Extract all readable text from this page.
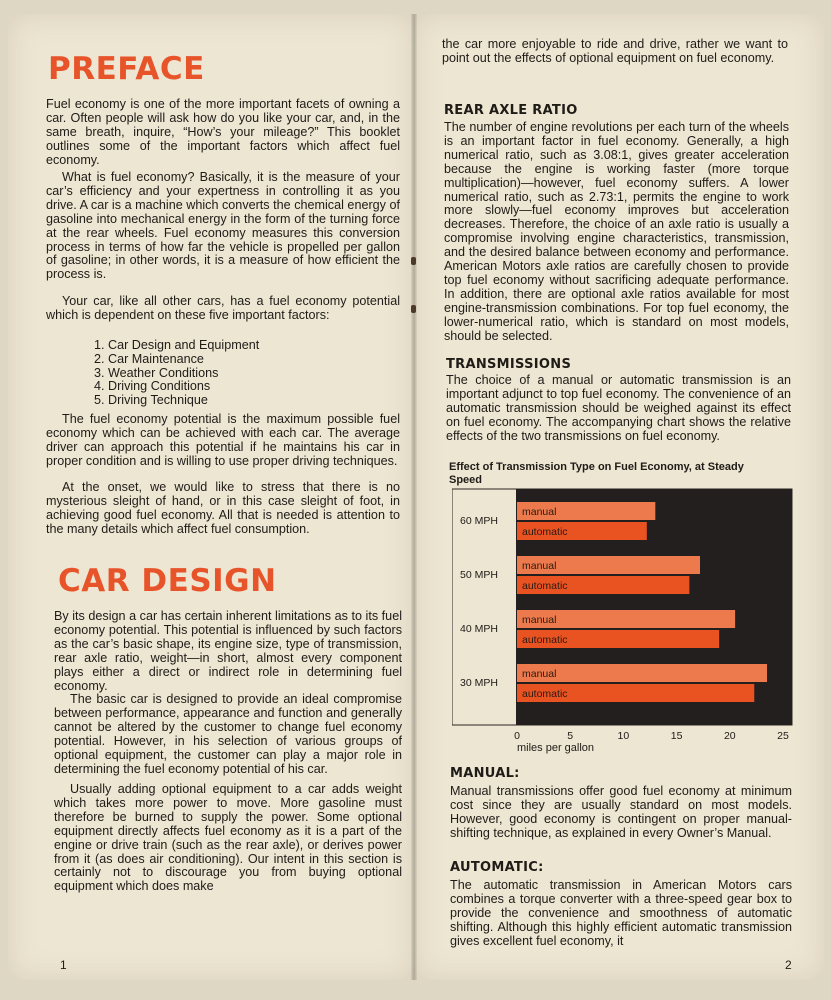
PREFACE

Fuel economy is one of the more important facets of owning a car. Often people will ask how do you like your car, and, in the same breath, inquire, “How’s your mileage?” This booklet outlines some of the important factors which affect fuel economy.

What is fuel economy? Basically, it is the measure of your car’s efficiency and your expertness in controlling it as you drive. A car is a machine which converts the chemical energy of gasoline into mechanical energy in the form of the turning force at the rear wheels. Fuel economy measures this conversion process in terms of how far the vehicle is propelled per gallon of gasoline; in other words, it is a measure of how efficient the process is.

Your car, like all other cars, has a fuel economy potential which is dependent on these five important factors:

1. Car Design and Equipment
2. Car Maintenance
3. Weather Conditions
4. Driving Conditions
5. Driving Technique

The fuel economy potential is the maximum possible fuel economy which can be achieved with each car. The average driver can approach this potential if he maintains his car in proper condition and is willing to use proper driving techniques.

At the onset, we would like to stress that there is no mysterious sleight of hand, or in this case sleight of foot, in achieving good fuel economy. All that is needed is attention to the many details which affect fuel consumption.

CAR DESIGN

By its design a car has certain inherent limitations as to its fuel economy potential. This potential is influenced by such factors as the car’s basic shape, its engine size, type of transmission, rear axle ratio, weight—in short, almost every component plays either a direct or indirect role in determining fuel economy.

The basic car is designed to provide an ideal compromise between performance, appearance and function and generally cannot be altered by the customer to change fuel economy potential. However, in his selection of various groups of optional equipment, the customer can play a major role in determining the fuel economy potential of his car.

Usually adding optional equipment to a car adds weight which takes more power to move. More gasoline must therefore be burned to supply the power. Some optional equipment directly affects fuel economy as it is a part of the engine or drive train (such as the rear axle), or derives power from it (as does air conditioning). Our intent in this section is certainly not to discourage you from buying optional equipment which does make

1

the car more enjoyable to ride and drive, rather we want to point out the effects of optional equipment on fuel economy.

REAR AXLE RATIO

The number of engine revolutions per each turn of the wheels is an important factor in fuel economy. Generally, a high numerical ratio, such as 3.08:1, gives greater acceleration because the engine is working faster (more torque multiplication)—however, fuel economy suffers. A lower numerical ratio, such as 2.73:1, permits the engine to work more slowly—fuel economy improves but acceleration decreases. Therefore, the choice of an axle ratio is usually a compromise involving engine characteristics, transmission, and the desired balance between economy and performance. American Motors axle ratios are carefully chosen to provide top fuel economy without sacrificing adequate performance. In addition, there are optional axle ratios available for most engine-transmission combinations. For top fuel economy, the lower-numerical ratio, which is standard on most models, should be selected.

TRANSMISSIONS

The choice of a manual or automatic transmission is an important adjunct to top fuel economy. The convenience of an automatic transmission should be weighed against its effect on fuel economy. The accompanying chart shows the relative effects of the two transmissions on fuel economy.

Effect of Transmission Type on Fuel Economy, at Steady Speed

manual
automatic
manual
automatic
manual
automatic
manual
automatic
60 MPH
50 MPH
40 MPH
30 MPH
0	5	10	15	20	25
miles per gallon
MANUAL:

Manual transmissions offer good fuel economy at minimum cost since they are usually standard on most models. However, good economy is contingent on proper manual-shifting technique, as explained in every Owner’s Manual.

AUTOMATIC:

The automatic transmission in American Motors cars combines a torque converter with a three-speed gear box to provide the convenience and smoothness of automatic shifting. Although this highly efficient automatic transmission gives excellent fuel economy, it

2
